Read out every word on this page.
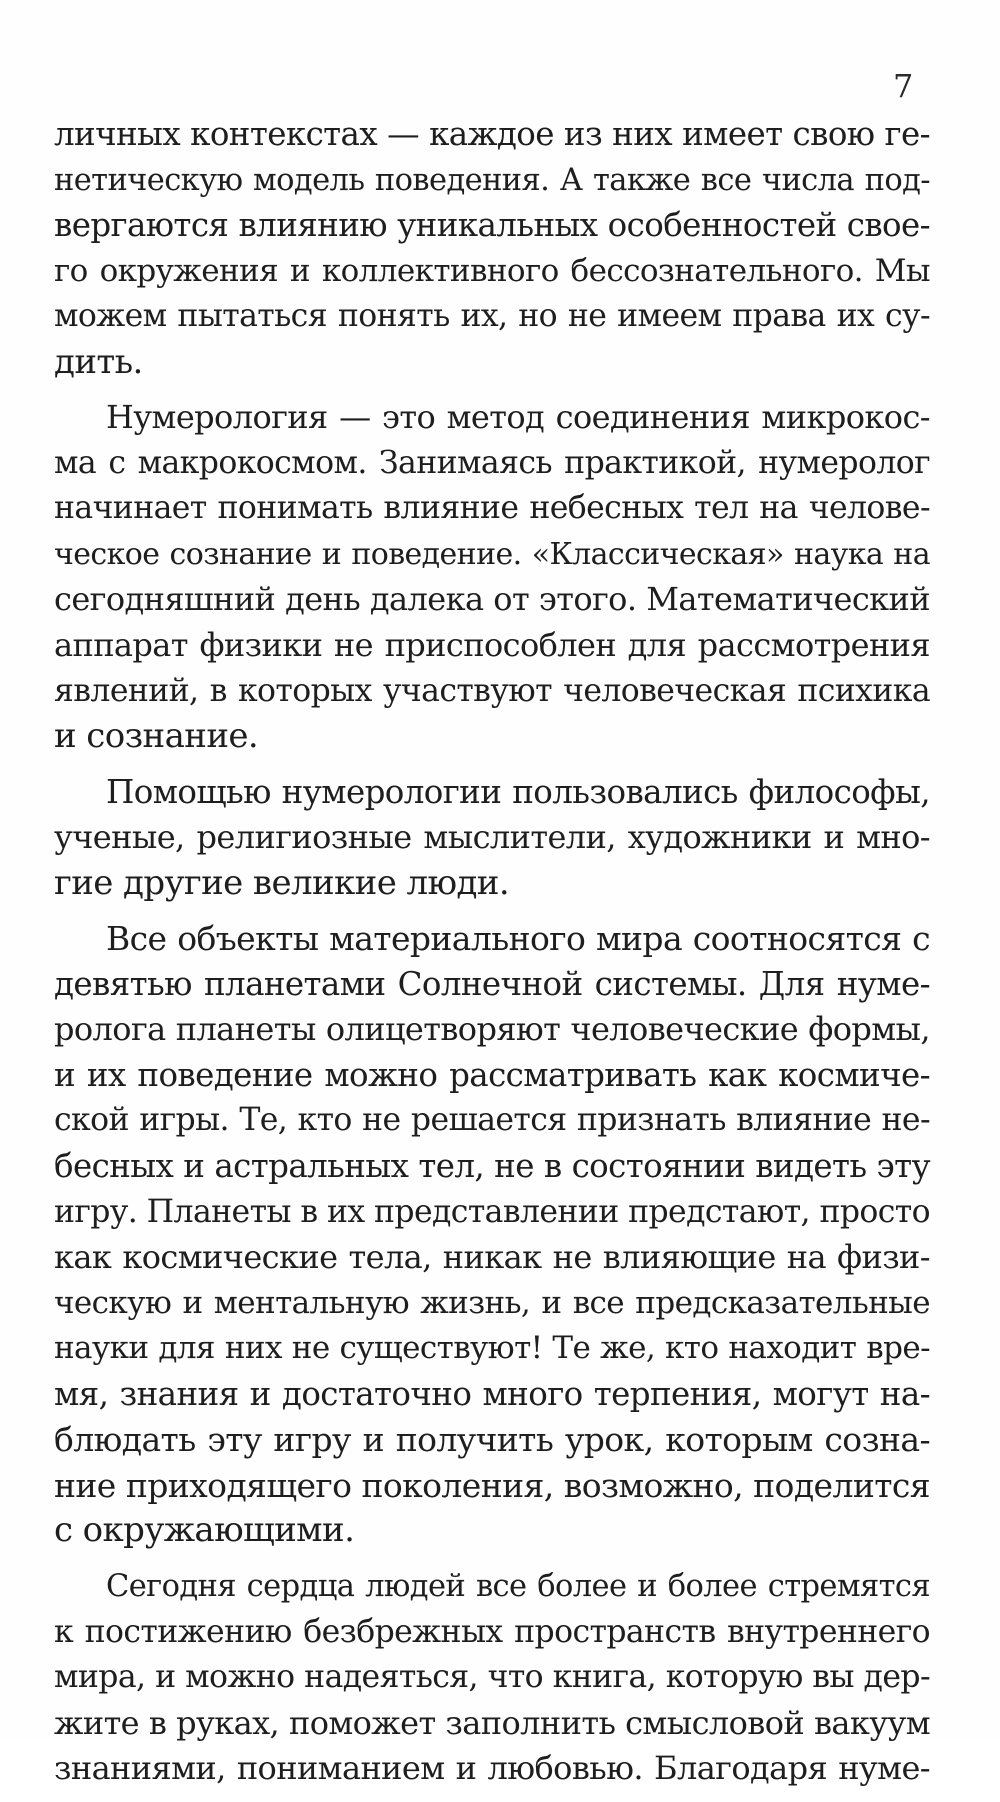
7
личных контекстах — каждое из них имеет свою ге-
нетическую модель поведения. А также все числа под-
вергаются влиянию уникальных особенностей свое-
го окружения и коллективного бессознательного. Мы
можем пытаться понять их, но не имеем права их су-
дить.
Нумерология — это метод соединения микрокос-
ма с макрокосмом. Занимаясь практикой, нумеролог
начинает понимать влияние небесных тел на челове-
ческое сознание и поведение. «Классическая» наука на
сегодняшний день далека от этого. Математический
аппарат физики не приспособлен для рассмотрения
явлений, в которых участвуют человеческая психика
и сознание.
Помощью нумерологии пользовались философы,
ученые, религиозные мыслители, художники и мно-
гие другие великие люди.
Все объекты материального мира соотносятся с
девятью планетами Солнечной системы. Для нуме-
ролога планеты олицетворяют человеческие формы,
и их поведение можно рассматривать как космиче-
ской игры. Те, кто не решается признать влияние не-
бесных и астральных тел, не в состоянии видеть эту
игру. Планеты в их представлении предстают, просто
как космические тела, никак не влияющие на физи-
ческую и ментальную жизнь, и все предсказательные
науки для них не существуют! Те же, кто находит вре-
мя, знания и достаточно много терпения, могут на-
блюдать эту игру и получить урок, которым созна-
ние приходящего поколения, возможно, поделится
с окружающими.
Сегодня сердца людей все более и более стремятся
к постижению безбрежных пространств внутреннего
мира, и можно надеяться, что книга, которую вы дер-
жите в руках, поможет заполнить смысловой вакуум
знаниями, пониманием и любовью. Благодаря нуме-
